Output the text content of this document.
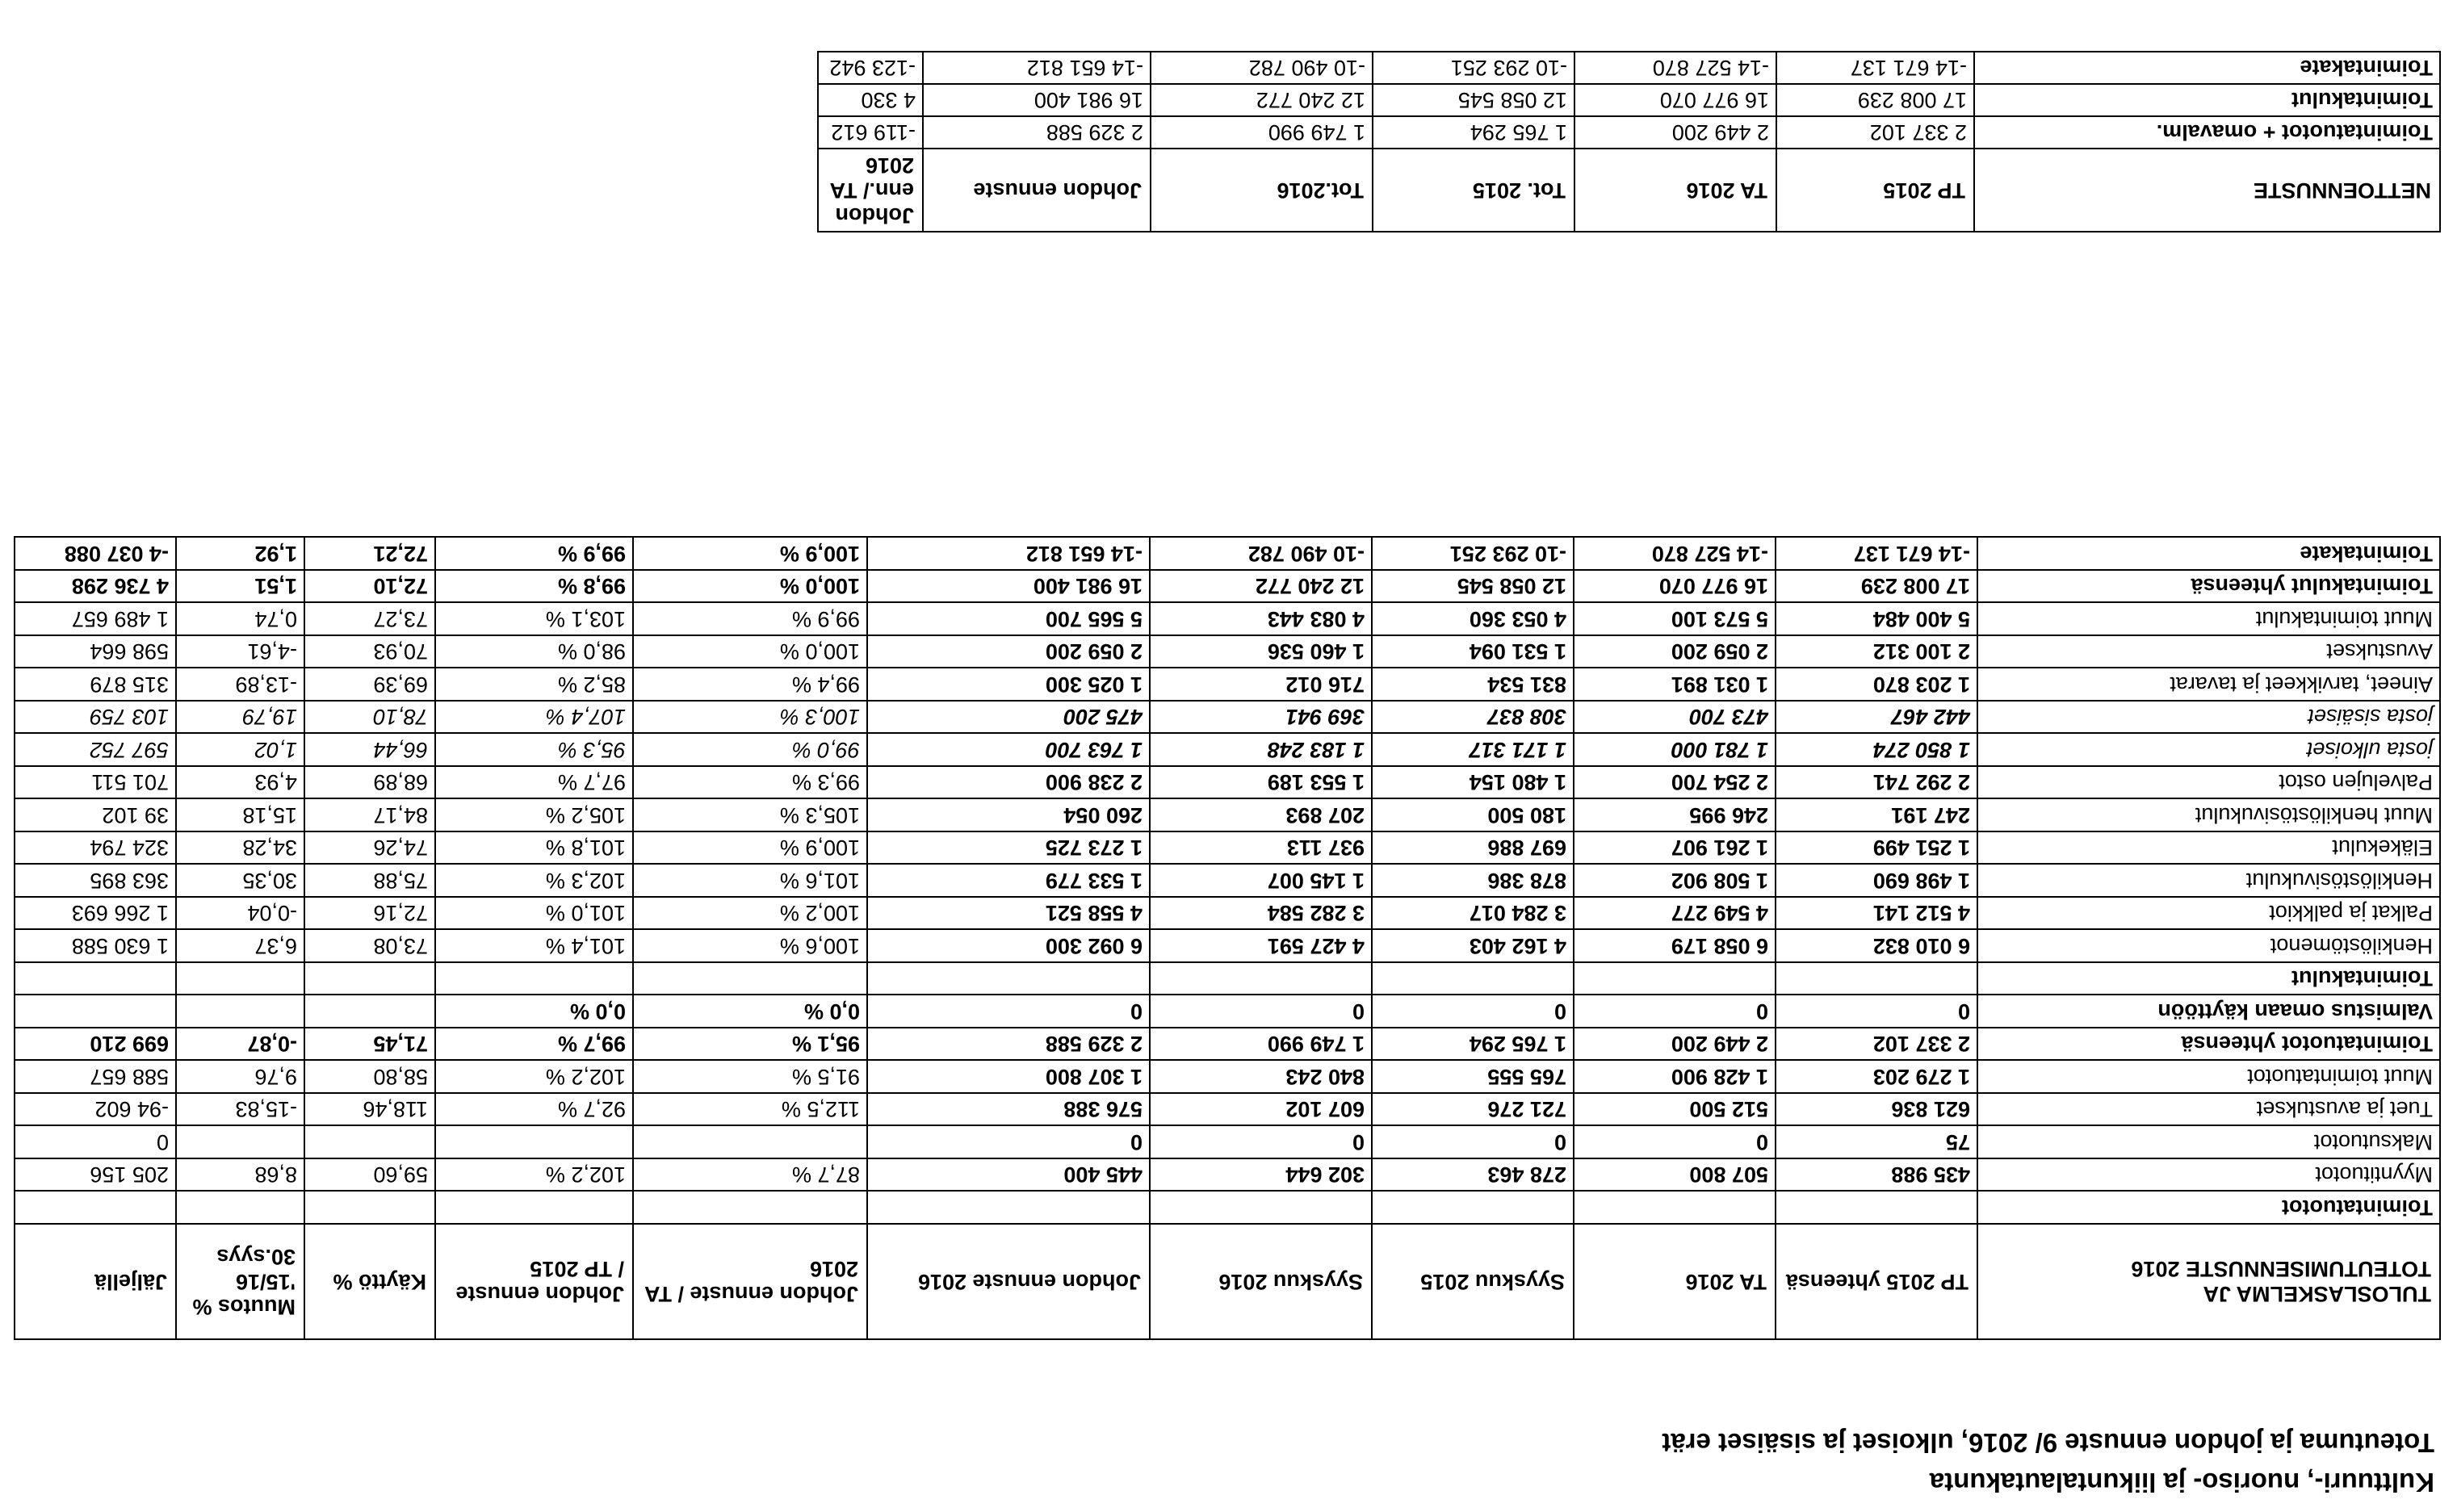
Kulttuuri-, nuoriso- ja liikuntalautakunta
Toteutuma ja johdon ennuste 9/ 2016, ulkoiset ja sisäiset erät
TULOSLASKELMA JA TOTEUTUMISENNUSTE 2016	TP 2015 yhteensä	TA 2016	Syyskuu 2015	Syyskuu 2016	Johdon ennuste 2016	Johdon ennuste / TA 2016	Johdon ennuste / TP 2015	Käyttö %	Muutos % '15/16 30.syys	Jäljellä
Toimintatuotot										
Myyntituotot	435 988	507 800	278 463	302 644	445 400	87,7 %	102,2 %	59,60	8,68	205 156
Maksutuotot	75	0	0	0	0					0
Tuet ja avustukset	621 836	512 500	721 276	607 102	576 388	112,5 %	92,7 %	118,46	-15,83	-94 602
Muut toimintatuotot	1 279 203	1 428 900	765 555	840 243	1 307 800	91,5 %	102,2 %	58,80	9,76	588 657
Toimintatuotot yhteensä	2 337 102	2 449 200	1 765 294	1 749 990	2 329 588	95,1 %	99,7 %	71,45	-0,87	699 210
Valmistus omaan käyttöön	0	0	0	0	0	0,0 %	0,0 %			
Toimintakulut										
Henkilöstömenot	6 010 832	6 058 179	4 162 403	4 427 591	6 092 300	100,6 %	101,4 %	73,08	6,37	1 630 588
Palkat ja palkkiot	4 512 141	4 549 277	3 284 017	3 282 584	4 558 521	100,2 %	101,0 %	72,16	-0,04	1 266 693
Henkilöstösivukulut	1 498 690	1 508 902	878 386	1 145 007	1 533 779	101,6 %	102,3 %	75,88	30,35	363 895
Eläkekulut	1 251 499	1 261 907	697 886	937 113	1 273 725	100,9 %	101,8 %	74,26	34,28	324 794
Muut henkilöstösivukulut	247 191	246 995	180 500	207 893	260 054	105,3 %	105,2 %	84,17	15,18	39 102
Palvelujen ostot	2 292 741	2 254 700	1 480 154	1 553 189	2 238 900	99,3 %	97,7 %	68,89	4,93	701 511
josta ulkoiset	1 850 274	1 781 000	1 171 317	1 183 248	1 763 700	99,0 %	95,3 %	66,44	1,02	597 752
josta sisäiset	442 467	473 700	308 837	369 941	475 200	100,3 %	107,4 %	78,10	19,79	103 759
Aineet, tarvikkeet ja tavarat	1 203 870	1 031 891	831 534	716 012	1 025 300	99,4 %	85,2 %	69,39	-13,89	315 879
Avustukset	2 100 312	2 059 200	1 531 094	1 460 536	2 059 200	100,0 %	98,0 %	70,93	-4,61	598 664
Muut toimintakulut	5 400 484	5 573 100	4 053 360	4 083 443	5 565 700	99,9 %	103,1 %	73,27	0,74	1 489 657
Toimintakulut yhteensä	17 008 239	16 977 070	12 058 545	12 240 772	16 981 400	100,0 %	99,8 %	72,10	1,51	4 736 298
Toimintakate	-14 671 137	-14 527 870	-10 293 251	-10 490 782	-14 651 812	100,9 %	99,9 %	72,21	1,92	-4 037 088
NETTOENNUSTE	TP 2015	TA 2016	Tot. 2015	Tot.2016	Johdon ennuste	Johdon enn./ TA 2016
Toimintatuotot + omavalm.	2 337 102	2 449 200	1 765 294	1 749 990	2 329 588	-119 612
Toimintakulut	17 008 239	16 977 070	12 058 545	12 240 772	16 981 400	4 330
Toimintakate	-14 671 137	-14 527 870	-10 293 251	-10 490 782	-14 651 812	-123 942
